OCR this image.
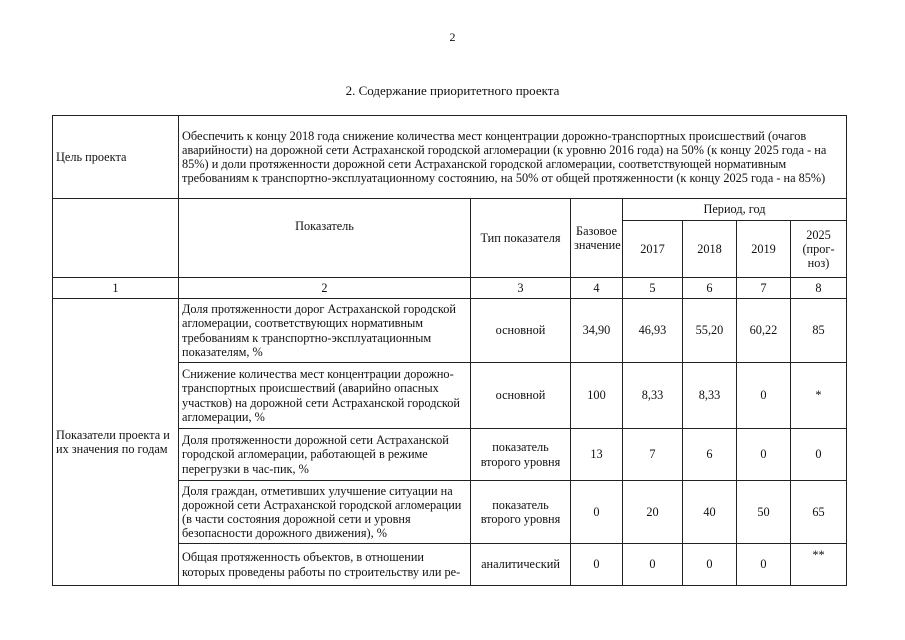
2
2. Содержание приоритетного проекта
Цель проекта	Обеспечить к концу 2018 года снижение количества мест концентрации дорожно-транспортных происшествий (очагов аварийности) на дорожной сети Астраханской городской агломерации (к уровню 2016 года) на 50% (к концу 2025 года - на 85%) и доли протяженности дорожной сети Астраханской городской агломерации, соответствующей нормативным требованиям к транспортно-эксплуатационному состоянию, на 50% от общей протяженности (к концу 2025 года - на 85%)						
	Показатель	Тип показателя	Базовое значение	Период, год			
				2017	2018	2019	2025 (прог-ноз)
1	2	3	4	5	6	7	8
Показатели проекта и их значения по годам	Доля протяженности дорог Астраханской городской агломерации, соответствующих нормативным требованиям к транспортно-эксплуатационным показателям, %	основной	34,90	46,93	55,20	60,22	85
	Снижение количества мест концентрации дорожно-транспортных происшествий (аварийно опасных участков) на дорожной сети Астраханской городской агломерации, %	основной	100	8,33	8,33	0	*
	Доля протяженности дорожной сети Астраханской городской агломерации, работающей в режиме перегрузки в час-пик, %	показатель второго уровня	13	7	6	0	0
	Доля граждан, отметивших улучшение ситуации на дорожной сети Астраханской городской агломерации (в части состояния дорожной сети и уровня безопасности дорожного движения), %	показатель второго уровня	0	20	40	50	65
	Общая протяженность объектов, в отношении которых проведены работы по строительству или ре-	аналитический	0	0	0	0	**
